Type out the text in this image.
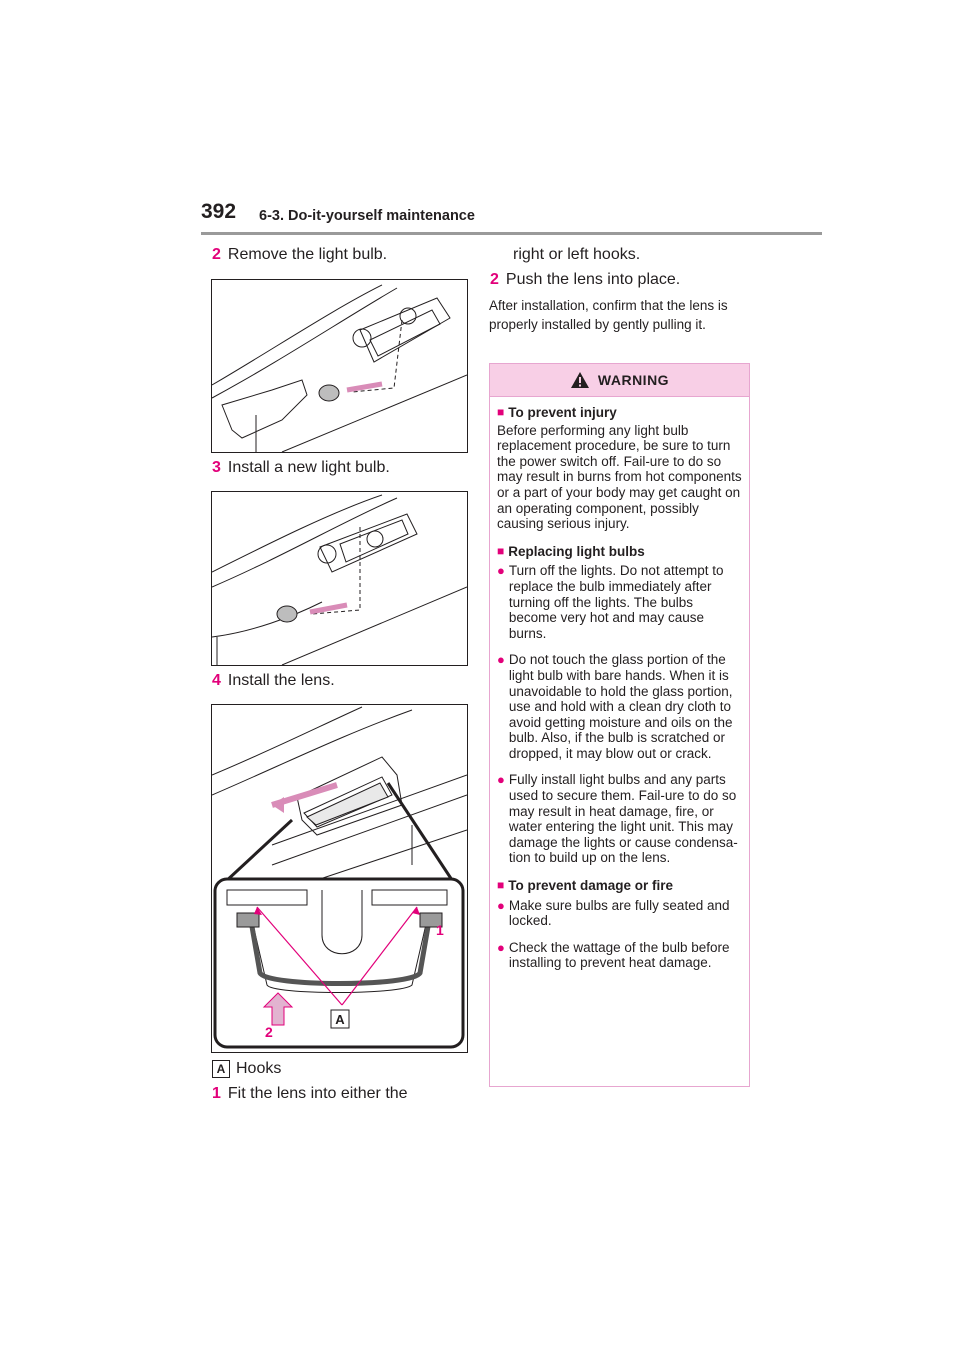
392 6-3. Do-it-yourself maintenance
2 Remove the light bulb.
3 Install a new light bulb.
4 Install the lens.
A
1
2
A Hooks
1 Fit the lens into either the
right or left hooks.
2 Push the lens into place.
After installation, confirm that the lens is properly installed by gently pulling it.
WARNING
■ To prevent injury
Before performing any light bulb replacement procedure, be sure to turn the power switch off. Fail-ure to do so may result in burns from hot components or a part of your body may get caught on an operating component, possibly causing serious injury.
■ Replacing light bulbs
● Turn off the lights. Do not attempt to replace the bulb immediately after turning off the lights. The bulbs become very hot and may cause burns.
● Do not touch the glass portion of the light bulb with bare hands. When it is unavoidable to hold the glass portion, use and hold with a clean dry cloth to avoid getting moisture and oils on the bulb. Also, if the bulb is scratched or dropped, it may blow out or crack.
● Fully install light bulbs and any parts used to secure them. Fail-ure to do so may result in heat damage, fire, or water entering the light unit. This may damage the lights or cause condensa-tion to build up on the lens.
■ To prevent damage or fire
● Make sure bulbs are fully seated and locked.
● Check the wattage of the bulb before installing to prevent heat damage.
